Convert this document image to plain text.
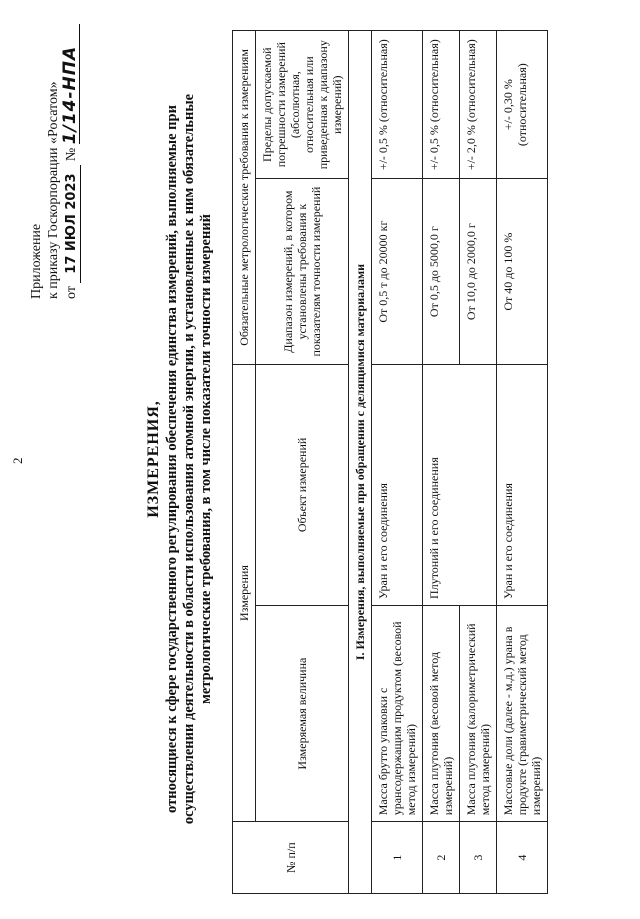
2
Приложение к приказу Госкорпорации «Росатом» от 17 ИЮЛ 2023 № 1/14-НПА
ИЗМЕРЕНИЯ, относящиеся к сфере государственного регулирования обеспечения единства измерений, выполняемые при осуществлении деятельности в области использования атомной энергии, и установленные к ним обязательные метрологические требования, в том числе показатели точности измерений
№ п/п	Измерения		Обязательные метрологические требования к измерениям	
	Измеряемая величина	Объект измерений	Диапазон измерений, в котором установлены требования к показателям точности измерений	Пределы допускаемой погрешности измерений (абсолютная, относительная или приведенная к диапазону измерений)
I. Измерения, выполняемые при обращении с делящимися материалами				
1	Масса брутто упаковки с урансодержащим продуктом (весовой метод измерений)	Уран и его соединения	От 0,5 т до 20000 кг	+/- 0,5 % (относительная)
2	Масса плутония (весовой метод измерений)	Плутоний и его соединения	От 0,5 до 5000,0 г	+/- 0,5 % (относительная)
3	Масса плутония (калориметрический метод измерений)		От 10,0 до 2000,0 г	+/- 2,0 % (относительная)
4	Массовые доли (далее - м.д.) урана в продукте (гравиметрический метод измерений)	Уран и его соединения	От 40 до 100 %	+/- 0,30 % (относительная)
